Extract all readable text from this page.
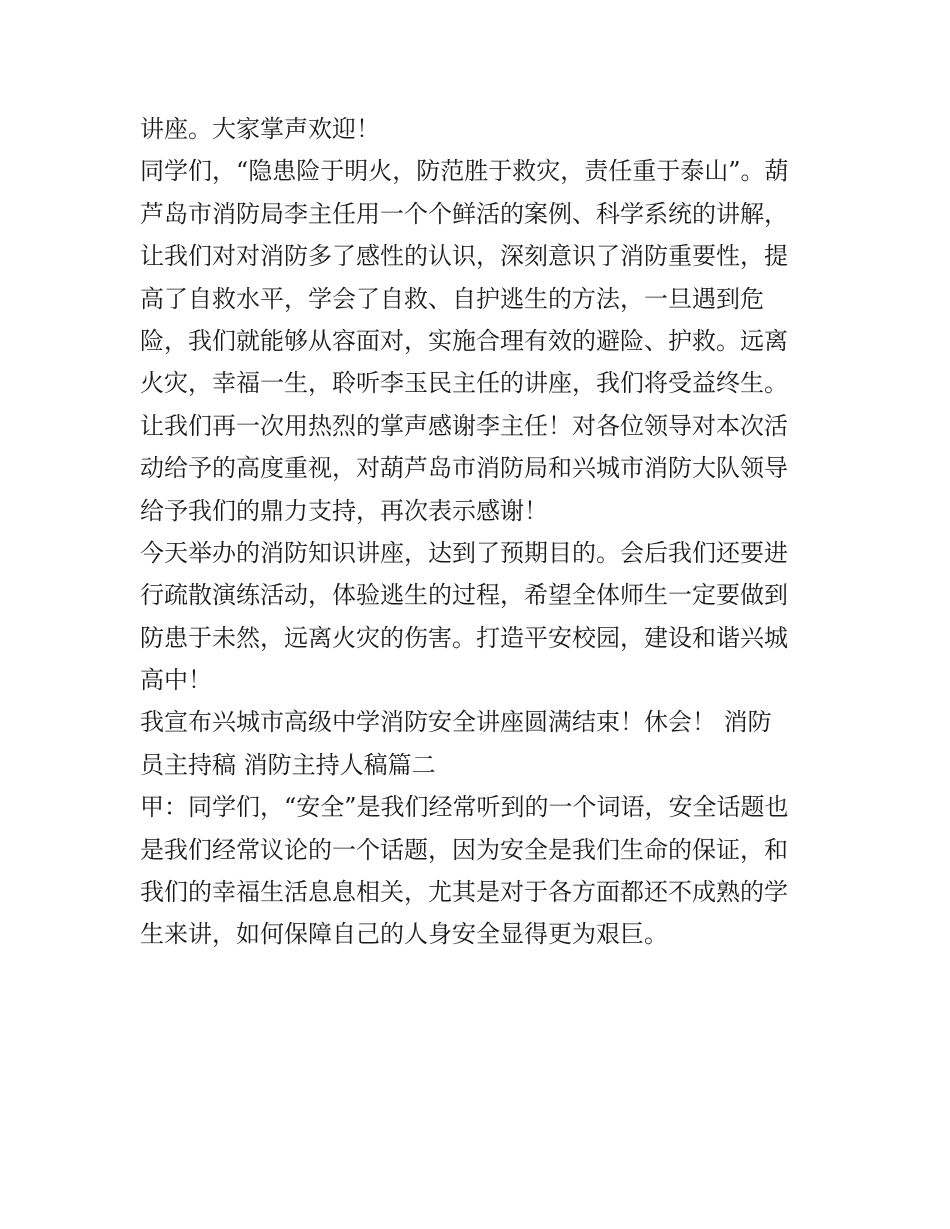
讲座。大家掌声欢迎！
同学们，“隐患险于明火，防范胜于救灾，责任重于泰山”。葫
芦岛市消防局李主任用一个个鲜活的案例、科学系统的讲解，
让我们对对消防多了感性的认识，深刻意识了消防重要性，提
高了自救水平，学会了自救、自护逃生的方法，一旦遇到危
险，我们就能够从容面对，实施合理有效的避险、护救。远离
火灾，幸福一生，聆听李玉民主任的讲座，我们将受益终生。
让我们再一次用热烈的掌声感谢李主任！对各位领导对本次活
动给予的高度重视，对葫芦岛市消防局和兴城市消防大队领导
给予我们的鼎力支持，再次表示感谢！
今天举办的消防知识讲座，达到了预期目的。会后我们还要进
行疏散演练活动，体验逃生的过程，希望全体师生一定要做到
防患于未然，远离火灾的伤害。打造平安校园，建设和谐兴城
高中！
我宣布兴城市高级中学消防安全讲座圆满结束！休会！ 消防
员主持稿 消防主持人稿篇二
甲：同学们，“安全”是我们经常听到的一个词语，安全话题也
是我们经常议论的一个话题，因为安全是我们生命的保证，和
我们的幸福生活息息相关，尤其是对于各方面都还不成熟的学
生来讲，如何保障自己的人身安全显得更为艰巨。
